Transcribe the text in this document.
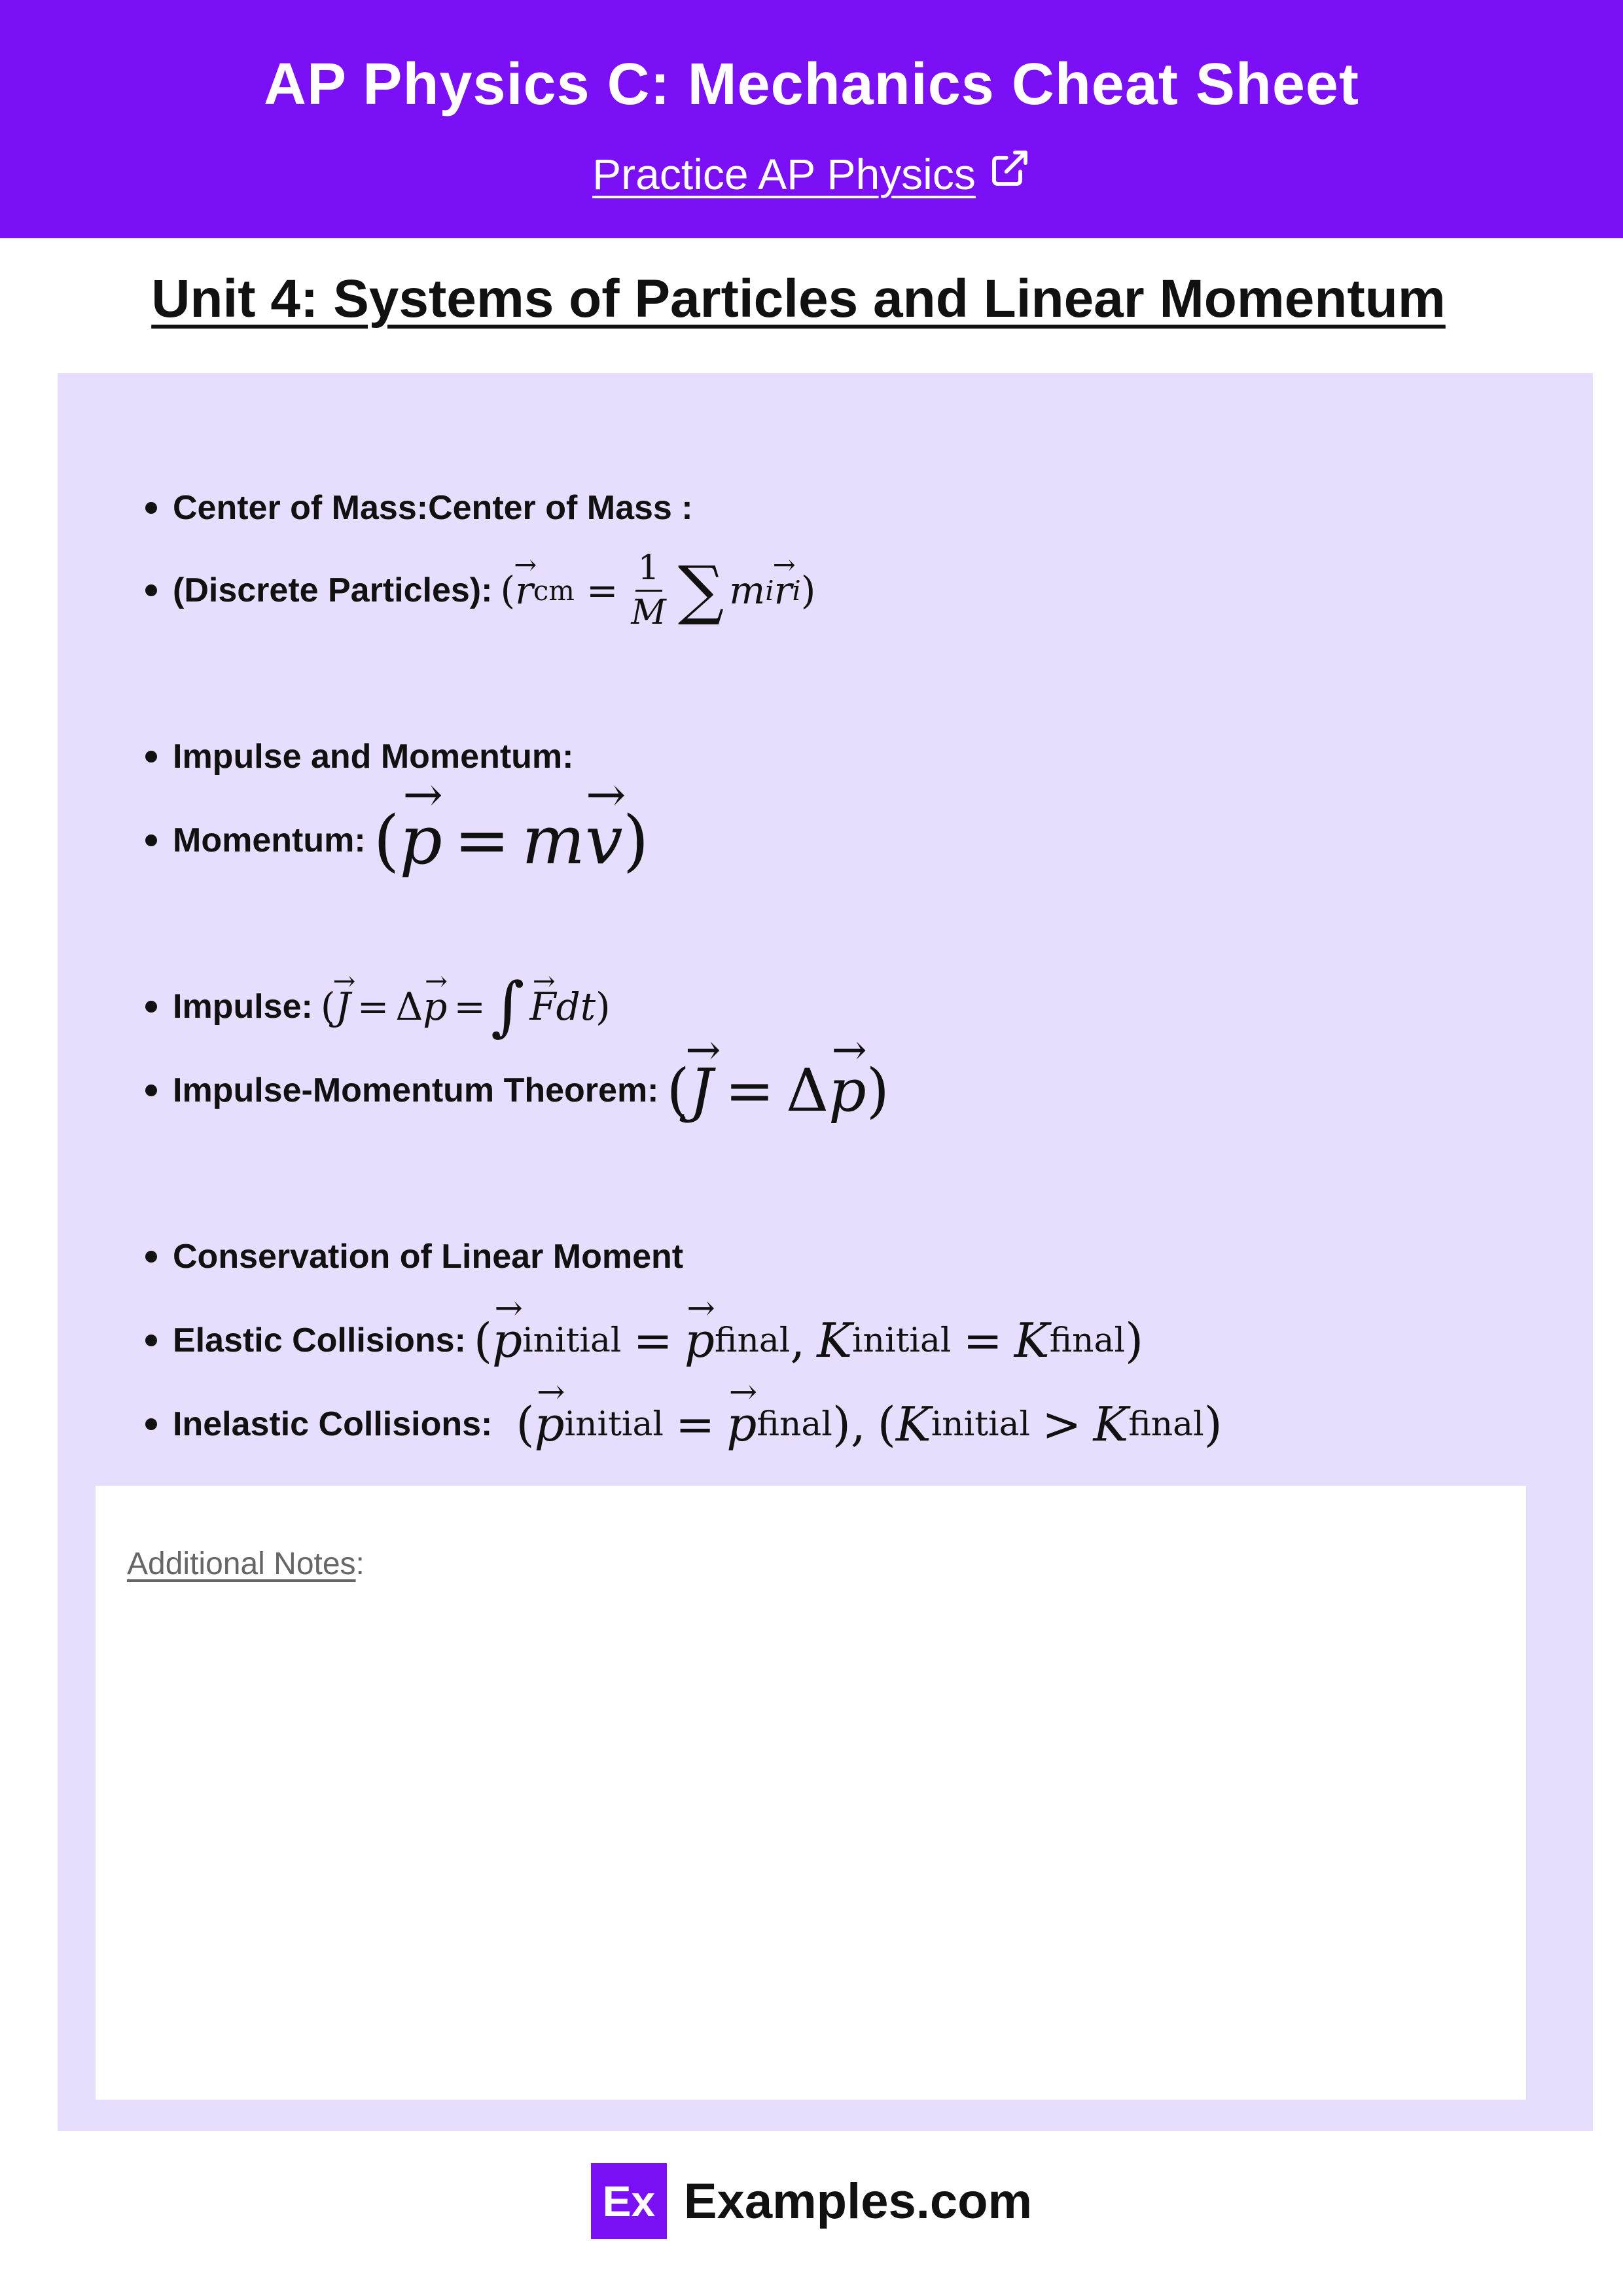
AP Physics C: Mechanics Cheat Sheet
Practice AP Physics
Unit 4: Systems of Particles and Linear Momentum
Center of Mass:Center of Mass :
(Discrete Particles): ( → r cm = $\frac{1}{M}$ ∑ m i → r i )
Impulse and Momentum:
Momentum: ( → p = m → v )
Impulse: ( → J = Δ → p = ∫ → F dt )
Impulse-Momentum Theorem: ( → J = Δ → p )
Conservation of Linear Moment
Elastic Collisions: ( → p initial = → p final , K initial = K final )
Inelastic Collisions: ( → p initial = → p final ), ( K initial > K final )
Additional Notes:
Ex Examples.com
